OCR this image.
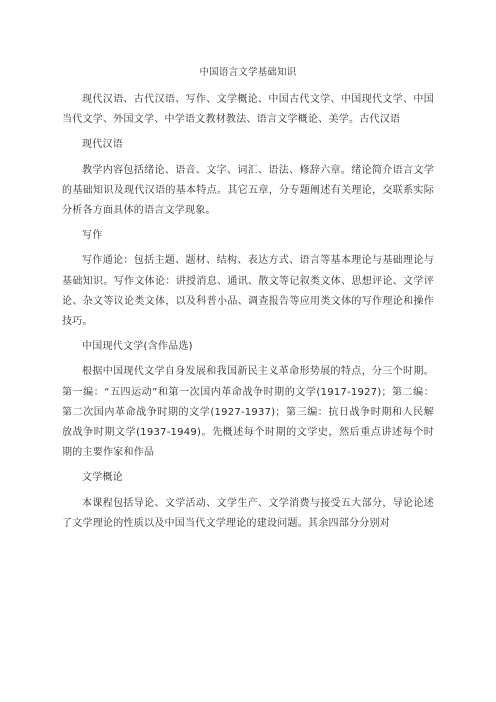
中国语言文学基础知识

现代汉语、古代汉语、写作、文学概论、中国古代文学、中国现代文学、中国当代文学、外国文学、中学语文教材教法、语言文学概论、美学。古代汉语

现代汉语

教学内容包括绪论、语音、文字、词汇、语法、修辞六章。绪论简介语言文学的基础知识及现代汉语的基本特点。其它五章，分专题阐述有关理论，交联系实际分析各方面具体的语言文学现象。

写作

写作通论：包括主题、题材、结构、表达方式、语言等基本理论与基础理论与基础知识。写作文体论：讲授消息、通讯、散文等记叙类文体、思想评论、文学评论、杂文等议论类文体，以及科普小品、调查报告等应用类文体的写作理论和操作技巧。

中国现代文学(含作品选)

根据中国现代文学自身发展和我国新民主义革命形势展的特点，分三个时期。第一编：“五四运动”和第一次国内革命战争时期的文学(1917-1927)；第二编：第二次国内革命战争时期的文学(1927-1937)；第三编：抗日战争时期和人民解放战争时期文学(1937-1949)。先概述每个时期的文学史，然后重点讲述每个时期的主要作家和作品

文学概论

本课程包括导论、文学活动、文学生产、文学消费与接受五大部分，导论论述了文学理论的性质以及中国当代文学理论的建设问题。其余四部分分别对
